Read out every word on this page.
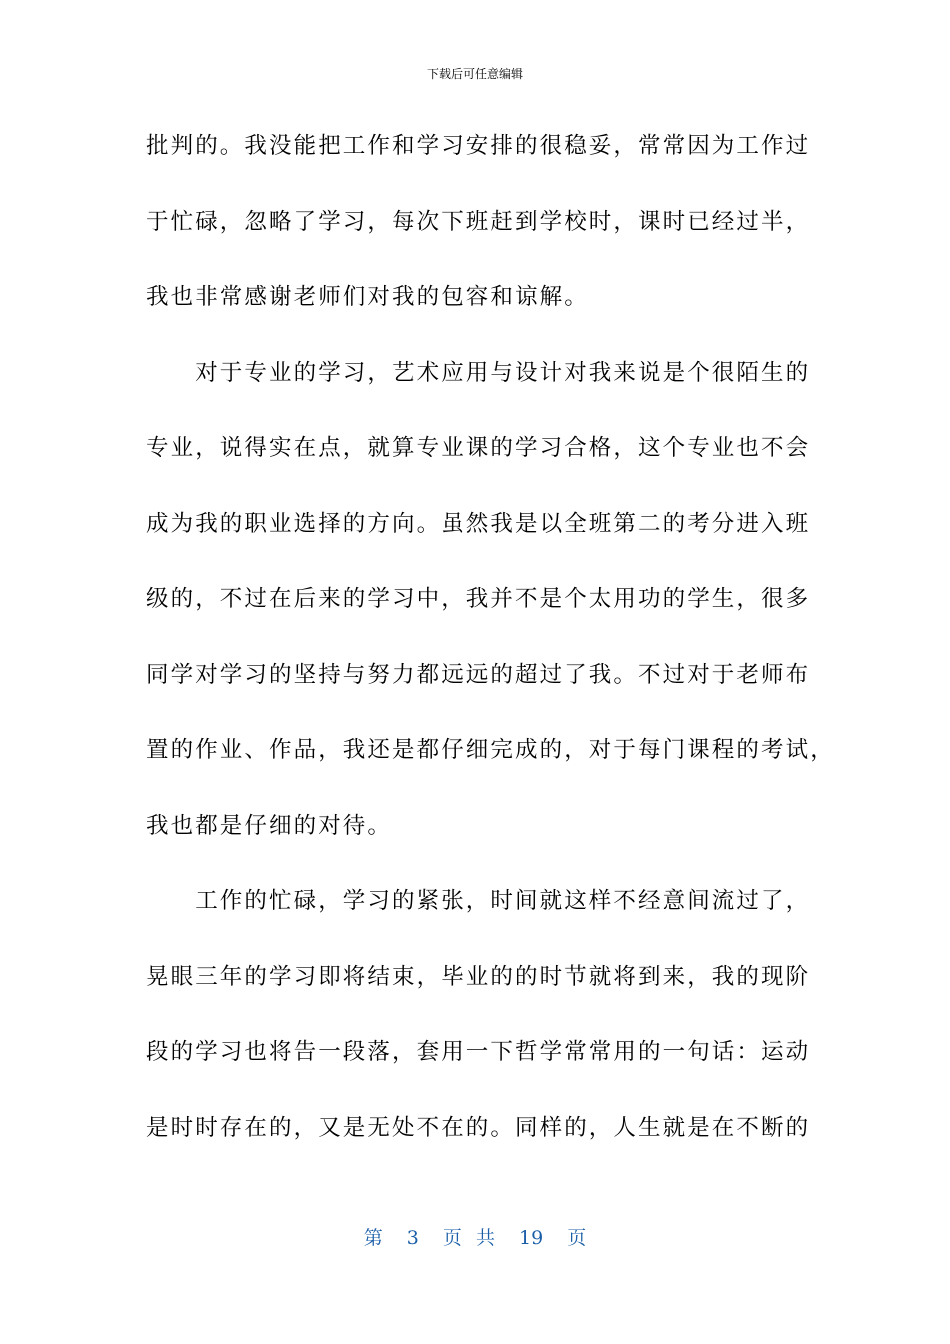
下载后可任意编辑
批判的。我没能把工作和学习安排的很稳妥，常常因为工作过
于忙碌，忽略了学习，每次下班赶到学校时，课时已经过半，
我也非常感谢老师们对我的包容和谅解。
　　对于专业的学习，艺术应用与设计对我来说是个很陌生的
专业，说得实在点，就算专业课的学习合格，这个专业也不会
成为我的职业选择的方向。虽然我是以全班第二的考分进入班
级的，不过在后来的学习中，我并不是个太用功的学生，很多
同学对学习的坚持与努力都远远的超过了我。不过对于老师布
置的作业、作品，我还是都仔细完成的，对于每门课程的考试，
我也都是仔细的对待。
　　工作的忙碌，学习的紧张，时间就这样不经意间流过了，
晃眼三年的学习即将结束，毕业的的时节就将到来，我的现阶
段的学习也将告一段落，套用一下哲学常常用的一句话：运动
是时时存在的，又是无处不在的。同样的，人生就是在不断的
第 3 页 共 19 页
